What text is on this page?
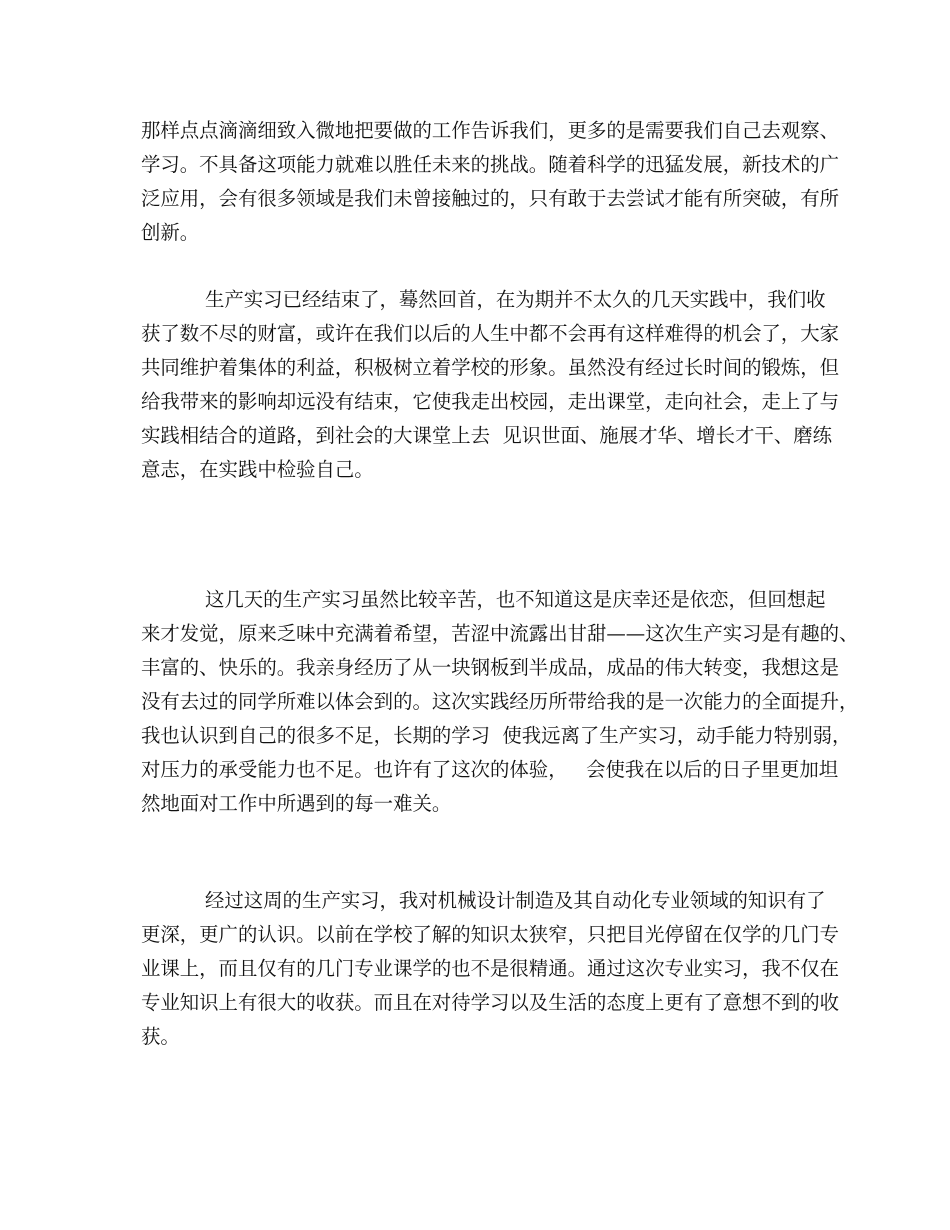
那样点点滴滴细致入微地把要做的工作告诉我们，更多的是需要我们自己去观察、
学习。不具备这项能力就难以胜任未来的挑战。随着科学的迅猛发展，新技术的广
泛应用，会有很多领域是我们未曾接触过的，只有敢于去尝试才能有所突破，有所
创新。
生产实习已经结束了，蓦然回首，在为期并不太久的几天实践中，我们收
获了数不尽的财富，或许在我们以后的人生中都不会再有这样难得的机会了，大家
共同维护着集体的利益，积极树立着学校的形象。虽然没有经过长时间的锻炼，但
给我带来的影响却远没有结束，它使我走出校园，走出课堂，走向社会，走上了与
实践相结合的道路，到社会的大课堂上去  见识世面、施展才华、增长才干、磨练
意志，在实践中检验自己。
这几天的生产实习虽然比较辛苦，也不知道这是庆幸还是依恋，但回想起
来才发觉，原来乏味中充满着希望，苦涩中流露出甘甜——这次生产实习是有趣的、
丰富的、快乐的。我亲身经历了从一块钢板到半成品，成品的伟大转变，我想这是
没有去过的同学所难以体会到的。这次实践经历所带给我的是一次能力的全面提升，
我也认识到自己的很多不足，长期的学习  使我远离了生产实习，动手能力特别弱，
对压力的承受能力也不足。也许有了这次的体验，   会使我在以后的日子里更加坦
然地面对工作中所遇到的每一难关。
经过这周的生产实习，我对机械设计制造及其自动化专业领域的知识有了
更深，更广的认识。以前在学校了解的知识太狭窄，只把目光停留在仅学的几门专
业课上，而且仅有的几门专业课学的也不是很精通。通过这次专业实习，我不仅在
专业知识上有很大的收获。而且在对待学习以及生活的态度上更有了意想不到的收
获。
